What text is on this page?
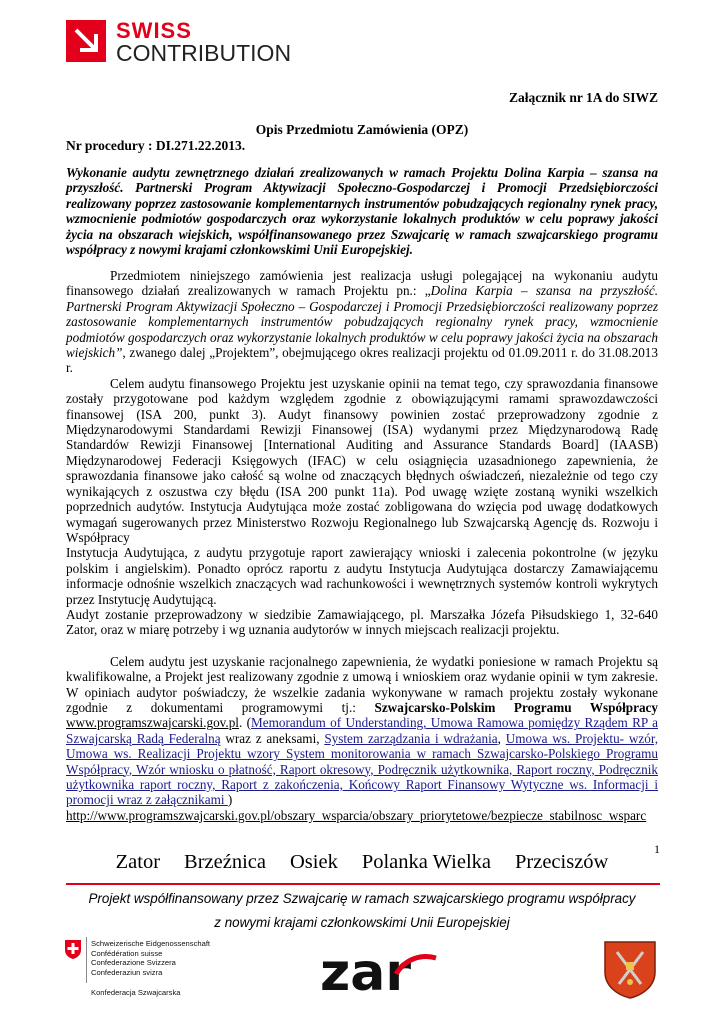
SWISS
CONTRIBUTION
Załącznik nr 1A do SIWZ
Opis Przedmiotu Zamówienia (OPZ)
Nr procedury : DI.271.22.2013.
Wykonanie audytu zewnętrznego działań zrealizowanych w ramach Projektu Dolina Karpia – szansa na przyszłość. Partnerski Program Aktywizacji Społeczno-Gospodarczej i Promocji Przedsiębiorczości realizowany poprzez zastosowanie komplementarnych instrumentów pobudzających regionalny rynek pracy, wzmocnienie podmiotów gospodarczych oraz wykorzystanie lokalnych produktów w celu poprawy jakości życia na obszarach wiejskich, współfinansowanego przez Szwajcarię w ramach szwajcarskiego programu współpracy z nowymi krajami członkowskimi Unii Europejskiej.

Przedmiotem niniejszego zamówienia jest realizacja usługi polegającej na wykonaniu audytu finansowego działań zrealizowanych w ramach Projektu pn.: „Dolina Karpia – szansa na przyszłość. Partnerski Program Aktywizacji Społeczno – Gospodarczej i Promocji Przedsiębiorczości realizowany poprzez zastosowanie komplementarnych instrumentów pobudzających regionalny rynek pracy, wzmocnienie podmiotów gospodarczych oraz wykorzystanie lokalnych produktów w celu poprawy jakości życia na obszarach wiejskich”, zwanego dalej „Projektem”, obejmującego okres realizacji projektu od 01.09.2011 r. do 31.08.2013 r.

Celem audytu finansowego Projektu jest uzyskanie opinii na temat tego, czy sprawozdania finansowe zostały przygotowane pod każdym względem zgodnie z obowiązującymi ramami sprawozdawczości finansowej (ISA 200, punkt 3). Audyt finansowy powinien zostać przeprowadzony zgodnie z Międzynarodowymi Standardami Rewizji Finansowej (ISA) wydanymi przez Międzynarodową Radę Standardów Rewizji Finansowej [International Auditing and Assurance Standards Board] (IAASB) Międzynarodowej Federacji Księgowych (IFAC) w celu osiągnięcia uzasadnionego zapewnienia, że sprawozdania finansowe jako całość są wolne od znaczących błędnych oświadczeń, niezależnie od tego czy wynikających z oszustwa czy błędu (ISA 200 punkt 11a). Pod uwagę wzięte zostaną wyniki wszelkich poprzednich audytów. Instytucja Audytująca może zostać zobligowana do wzięcia pod uwagę dodatkowych wymagań sugerowanych przez Ministerstwo Rozwoju Regionalnego lub Szwajcarską Agencję ds. Rozwoju i Współpracy

Instytucja Audytująca, z audytu przygotuje raport zawierający wnioski i zalecenia pokontrolne (w języku polskim i angielskim). Ponadto oprócz raportu z audytu Instytucja Audytująca dostarczy Zamawiającemu informacje odnośnie wszelkich znaczących wad rachunkowości i wewnętrznych systemów kontroli wykrytych przez Instytucję Audytującą.

Audyt zostanie przeprowadzony w siedzibie Zamawiającego, pl. Marszałka Józefa Piłsudskiego 1, 32-640 Zator, oraz w miarę potrzeby i wg uznania audytorów w innych miejscach realizacji projektu.

Celem audytu jest uzyskanie racjonalnego zapewnienia, że wydatki poniesione w ramach Projektu są kwalifikowalne, a Projekt jest realizowany zgodnie z umową i wnioskiem oraz wydanie opinii w tym zakresie. W opiniach audytor poświadczy, że wszelkie zadania wykonywane w ramach projektu zostały wykonane zgodnie z dokumentami programowymi tj.: Szwajcarsko-Polskim Programu Współpracy www.programszwajcarski.gov.pl. (Memorandum of Understanding, Umowa Ramowa pomiędzy Rządem RP a Szwajcarską Radą Federalną wraz z aneksami, System zarządzania i wdrażania, Umowa ws. Projektu- wzór, Umowa ws. Realizacji Projektu wzory System monitorowania w ramach Szwajcarsko-Polskiego Programu Współpracy, Wzór wniosku o płatność, Raport okresowy, Podręcznik użytkownika, Raport roczny, Podręcznik użytkownika raport roczny, Raport z zakończenia, Końcowy Raport Finansowy Wytyczne ws. Informacji i promocji wraz z załącznikami )
http://www.programszwajcarski.gov.pl/obszary_wsparcia/obszary_priorytetowe/bezpiecze_stabilnosc_wsparc

1
Zator Brzeźnica Osiek Polanka Wielka Przeciszów
Projekt współfinansowany przez Szwajcarię w ramach szwajcarskiego programu współpracy
z nowymi krajami członkowskimi Unii Europejskiej
Schweizerische Eidgenossenschaft
Confédération suisse
Confederazione Svizzera
Confederaziun svizra
Konfederacja Szwajcarska	zar
